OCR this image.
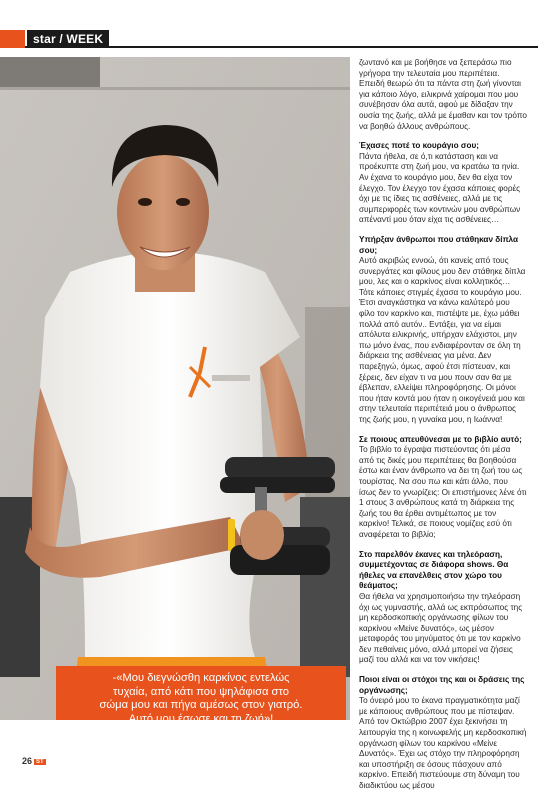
star / WEEK
-«Μου διεγνώσθη καρκίνος εντελώς
τυχαία, από κάτι που ψηλάφισα στο
σώμα μου και πήγα αμέσως στον γιατρό.
Αυτό μου έσωσε και τη ζωή»!
26 ST

ζωντανό και με βοήθησε να ξεπεράσω πιο γρήγορα την τελευταία μου περιπέτεια. Επειδή θεωρώ ότι τα πάντα στη ζωή γίνονται για κάποιο λόγο, ειλικρινά χαίρομαι που μου συνέβησαν όλα αυτά, αφού με δίδαξαν την ουσία της ζωής, αλλά με έμαθαν και τον τρόπο να βοηθώ άλλους ανθρώπους.

Έχασες ποτέ το κουράγιο σου;

Πάντα ήθελα, σε ό,τι κατάσταση και να προέκυπτε στη ζωή μου, να κρατάω τα ηνία. Αν έχανα το κουράγιο μου, δεν θα είχα τον έλεγχο. Τον έλεγχο τον έχασα κάποιες φορές όχι με τις ίδιες τις ασθένειες, αλλά με τις συμπεριφορές των κοντινών μου ανθρώπων απέναντί μου όταν είχα τις ασθένειες…

Υπήρξαν άνθρωποι που στάθηκαν δίπλα σου;

Αυτό ακριβώς εννοώ, ότι κανείς από τους συνεργάτες και φίλους μου δεν στάθηκε δίπλα μου, λες και ο καρκίνος είναι κολλητικός… Τότε κάποιες στιγμές έχασα το κουράγιο μου. Έτσι αναγκάστηκα να κάνω καλύτερό μου φίλο τον καρκίνο και, πιστέψτε με, έχω μάθει πολλά από αυτόν.. Εντάξει, για να είμαι απόλυτα ειλικρινής, υπήρχαν ελάχιστοι, μην πω μόνο ένας, που ενδιαφέρονταν σε όλη τη διάρκεια της ασθένειας για μένα. Δεν παρεξηγώ, όμως, αφού έτσι πίστευαν, και ξέρεις, δεν είχαν τι να μου πουν σαν θα με έβλεπαν, ελλείψει πληροφόρησης. Οι μόνοι που ήταν κοντά μου ήταν η οικογένειά μου και στην τελευταία περιπέτειά μου ο άνθρωπος της ζωής μου, η γυναίκα μου, η Ιωάννα!

Σε ποιους απευθύνεσαι με το βιβλίο αυτό;

Το βιβλίο το έγραψα πιστεύοντας ότι μέσα από τις δικές μου περιπέτειες θα βοηθούσα έστω και έναν άνθρωπο να δει τη ζωή του ως τουρίστας. Να σου πω και κάτι άλλο, που ίσως δεν το γνωρίζεις: Οι επιστήμονες λένε ότι 1 στους 3 ανθρώπους κατά τη διάρκεια της ζωής του θα έρθει αντιμέτωπος με τον καρκίνο! Τελικά, σε ποιους νομίζεις εσύ ότι αναφέρεται το βιβλίο;

Στο παρελθόν έκανες και τηλεόραση, συμμετέχοντας σε διάφορα shows. Θα ήθελες να επανέλθεις στον χώρο του θεάματος;

Θα ήθελα να χρησιμοποιήσω την τηλεόραση όχι ως γυμναστής, αλλά ως εκπρόσωπος της μη κερδοσκοπικής οργάνωσης φίλων του καρκίνου «Μείνε δυνατός», ως μέσον μεταφοράς του μηνύματος ότι με τον καρκίνο δεν πεθαίνεις μόνο, αλλά μπορεί να ζήσεις μαζί του αλλά και να τον νικήσεις!

Ποιοι είναι οι στόχοι της και οι δράσεις της οργάνωσης;

Το όνειρό μου το έκανα πραγματικότητα μαζί με κάποιους ανθρώπους που με πίστεψαν. Από τον Οκτώβριο 2007 έχει ξεκινήσει τη λειτουργία της η κοινωφελής μη κερδοσκοπική οργάνωση φίλων του καρκίνου «Μείνε Δυνατός». Έχει ως στόχο την πληροφόρηση και υποστήριξη σε όσους πάσχουν από καρκίνο. Επειδή πιστεύουμε στη δύναμη του διαδικτύου ως μέσου
